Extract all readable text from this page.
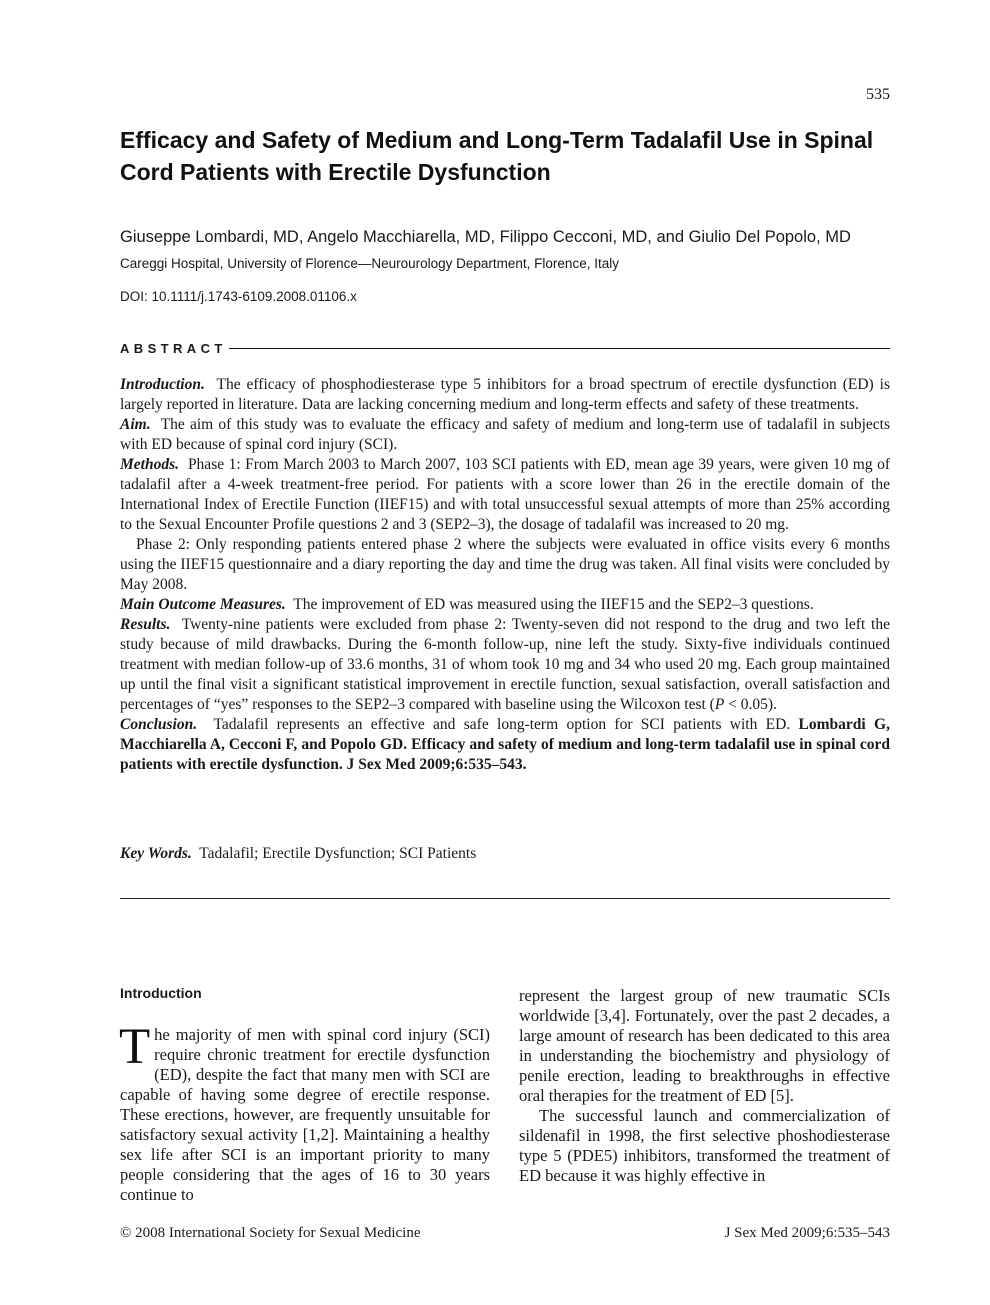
535
Efficacy and Safety of Medium and Long-Term Tadalafil Use in Spinal Cord Patients with Erectile Dysfunction
Giuseppe Lombardi, MD, Angelo Macchiarella, MD, Filippo Cecconi, MD, and Giulio Del Popolo, MD
Careggi Hospital, University of Florence—Neurourology Department, Florence, Italy
DOI: 10.1111/j.1743-6109.2008.01106.x
ABSTRACT

Introduction. The efficacy of phosphodiesterase type 5 inhibitors for a broad spectrum of erectile dysfunction (ED) is largely reported in literature. Data are lacking concerning medium and long-term effects and safety of these treatments.

Aim. The aim of this study was to evaluate the efficacy and safety of medium and long-term use of tadalafil in subjects with ED because of spinal cord injury (SCI).

Methods. Phase 1: From March 2003 to March 2007, 103 SCI patients with ED, mean age 39 years, were given 10 mg of tadalafil after a 4-week treatment-free period. For patients with a score lower than 26 in the erectile domain of the International Index of Erectile Function (IIEF15) and with total unsuccessful sexual attempts of more than 25% according to the Sexual Encounter Profile questions 2 and 3 (SEP2–3), the dosage of tadalafil was increased to 20 mg.

Phase 2: Only responding patients entered phase 2 where the subjects were evaluated in office visits every 6 months using the IIEF15 questionnaire and a diary reporting the day and time the drug was taken. All final visits were concluded by May 2008.

Main Outcome Measures. The improvement of ED was measured using the IIEF15 and the SEP2–3 questions.

Results. Twenty-nine patients were excluded from phase 2: Twenty-seven did not respond to the drug and two left the study because of mild drawbacks. During the 6-month follow-up, nine left the study. Sixty-five individuals continued treatment with median follow-up of 33.6 months, 31 of whom took 10 mg and 34 who used 20 mg. Each group maintained up until the final visit a significant statistical improvement in erectile function, sexual satisfaction, overall satisfaction and percentages of “yes” responses to the SEP2–3 compared with baseline using the Wilcoxon test (P < 0.05).

Conclusion. Tadalafil represents an effective and safe long-term option for SCI patients with ED. Lombardi G, Macchiarella A, Cecconi F, and Popolo GD. Efficacy and safety of medium and long-term tadalafil use in spinal cord patients with erectile dysfunction. J Sex Med 2009;6:535–543.

Key Words. Tadalafil; Erectile Dysfunction; SCI Patients
Introduction

The majority of men with spinal cord injury (SCI) require chronic treatment for erectile dysfunction (ED), despite the fact that many men with SCI are capable of having some degree of erectile response. These erections, however, are frequently unsuitable for satisfactory sexual activity [1,2]. Maintaining a healthy sex life after SCI is an important priority to many people considering that the ages of 16 to 30 years continue to

represent the largest group of new traumatic SCIs worldwide [3,4]. Fortunately, over the past 2 decades, a large amount of research has been dedicated to this area in understanding the biochemistry and physiology of penile erection, leading to breakthroughs in effective oral therapies for the treatment of ED [5].

The successful launch and commercialization of sildenafil in 1998, the first selective phoshodiesterase type 5 (PDE5) inhibitors, transformed the treatment of ED because it was highly effective in

© 2008 International Society for Sexual Medicine	J Sex Med 2009;6:535–543
